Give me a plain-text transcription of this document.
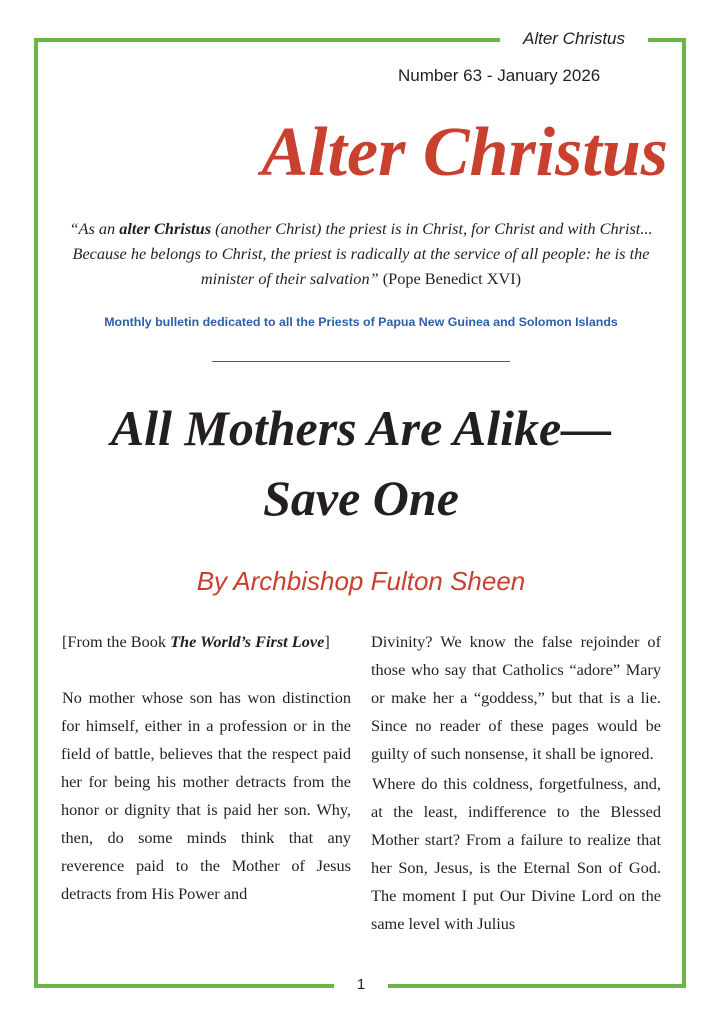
Alter Christus
Number 63 - January 2026
Alter Christus
“As an alter Christus (another Christ) the priest is in Christ, for Christ and with Christ... Because he belongs to Christ, the priest is radically at the service of all people: he is the minister of their salvation” (Pope Benedict XVI)
Monthly bulletin dedicated to all the Priests of Papua New Guinea and Solomon Islands
All Mothers Are Alike—
Save One
By Archbishop Fulton Sheen

[From the Book The World’s First Love]

No mother whose son has won distinction for himself, either in a profession or in the field of battle, believes that the respect paid her for being his mother detracts from the honor or dignity that is paid her son. Why, then, do some minds think that any reverence paid to the Mother of Jesus detracts from His Power and

Divinity? We know the false rejoinder of those who say that Catholics “adore” Mary or make her a “goddess,” but that is a lie. Since no reader of these pages would be guilty of such nonsense, it shall be ignored.

Where do this coldness, forgetfulness, and, at the least, indifference to the Blessed Mother start? From a failure to realize that her Son, Jesus, is the Eternal Son of God. The moment I put Our Divine Lord on the same level with Julius

1
